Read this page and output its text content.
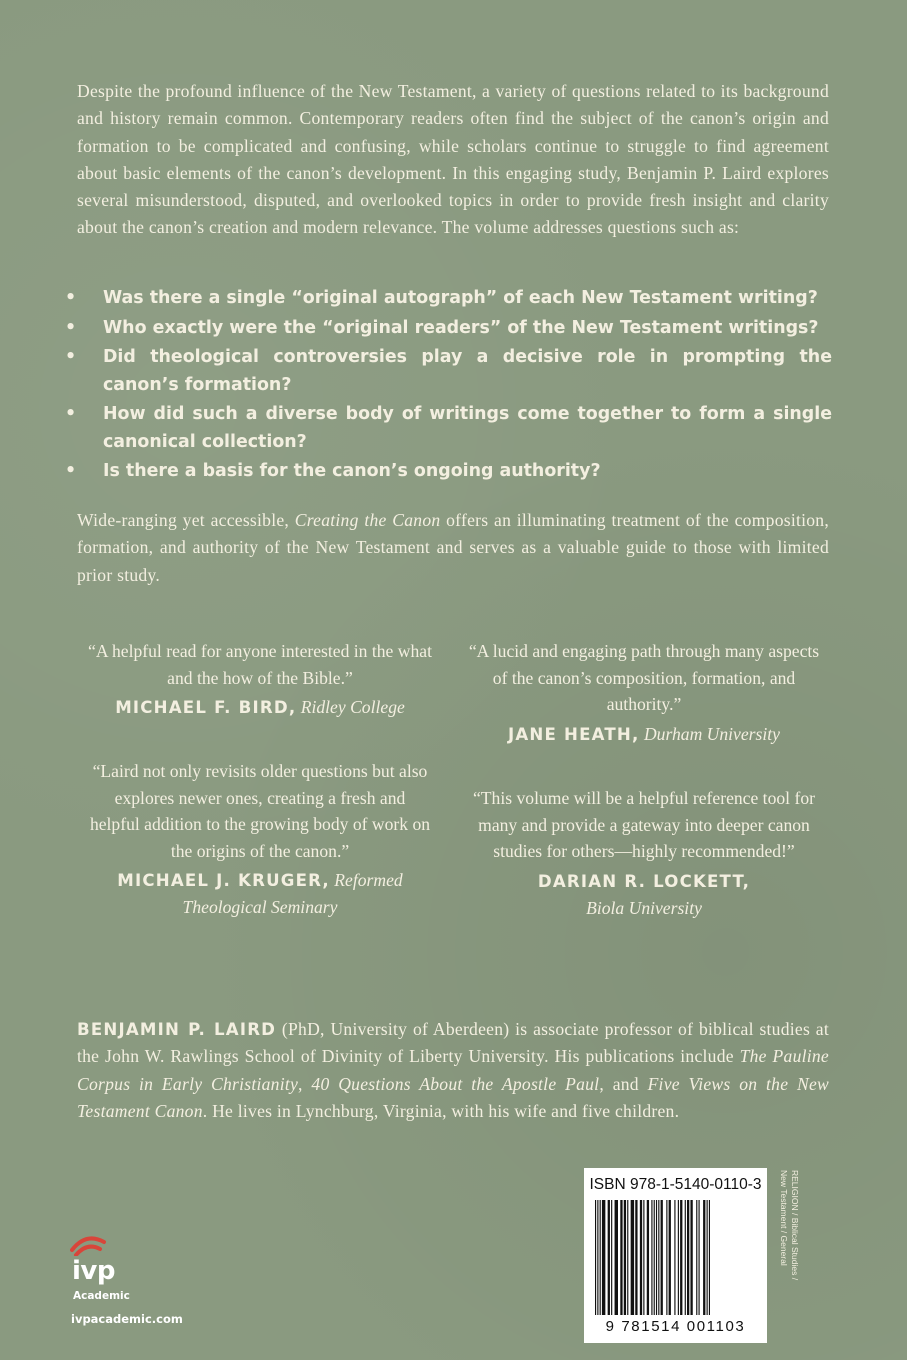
Despite the profound influence of the New Testament, a variety of questions related to its background and history remain common. Contemporary readers often find the subject of the canon’s origin and formation to be complicated and confusing, while scholars continue to struggle to find agreement about basic elements of the canon’s development. In this engaging study, Benjamin P. Laird explores several misunderstood, disputed, and overlooked topics in order to provide fresh insight and clarity about the canon’s creation and modern relevance. The volume addresses questions such as:
• Was there a single “original autograph” of each New Testament writing?
• Who exactly were the “original readers” of the New Testament writings?
• Did theological controversies play a decisive role in prompting the canon’s formation?
• How did such a diverse body of writings come together to form a single canonical collection?
• Is there a basis for the canon’s ongoing authority?
Wide-ranging yet accessible, Creating the Canon offers an illuminating treatment of the composition, formation, and authority of the New Testament and serves as a valuable guide to those with limited prior study.
“A helpful read for anyone interested in the what and the how of the Bible.”
MICHAEL F. BIRD, Ridley College
“Laird not only revisits older questions but also explores newer ones, creating a fresh and helpful addition to the growing body of work on the origins of the canon.”
MICHAEL J. KRUGER, Reformed Theological Seminary
“A lucid and engaging path through many aspects of the canon’s composition, formation, and authority.”
JANE HEATH, Durham University
“This volume will be a helpful reference tool for many and provide a gateway into deeper canon studies for others—highly recommended!”
DARIAN R. LOCKETT,
Biola University
BENJAMIN P. LAIRD (PhD, University of Aberdeen) is associate professor of biblical studies at the John W. Rawlings School of Divinity of Liberty University. His publications include The Pauline Corpus in Early Christianity, 40 Questions About the Apostle Paul, and Five Views on the New Testament Canon. He lives in Lynchburg, Virginia, with his wife and five children.
ivp
Academic
ivpacademic.com
ISBN 978-1-5140-0110-3
9 781514 001103
RELIGION / Biblical Studies /
New Testament / General
